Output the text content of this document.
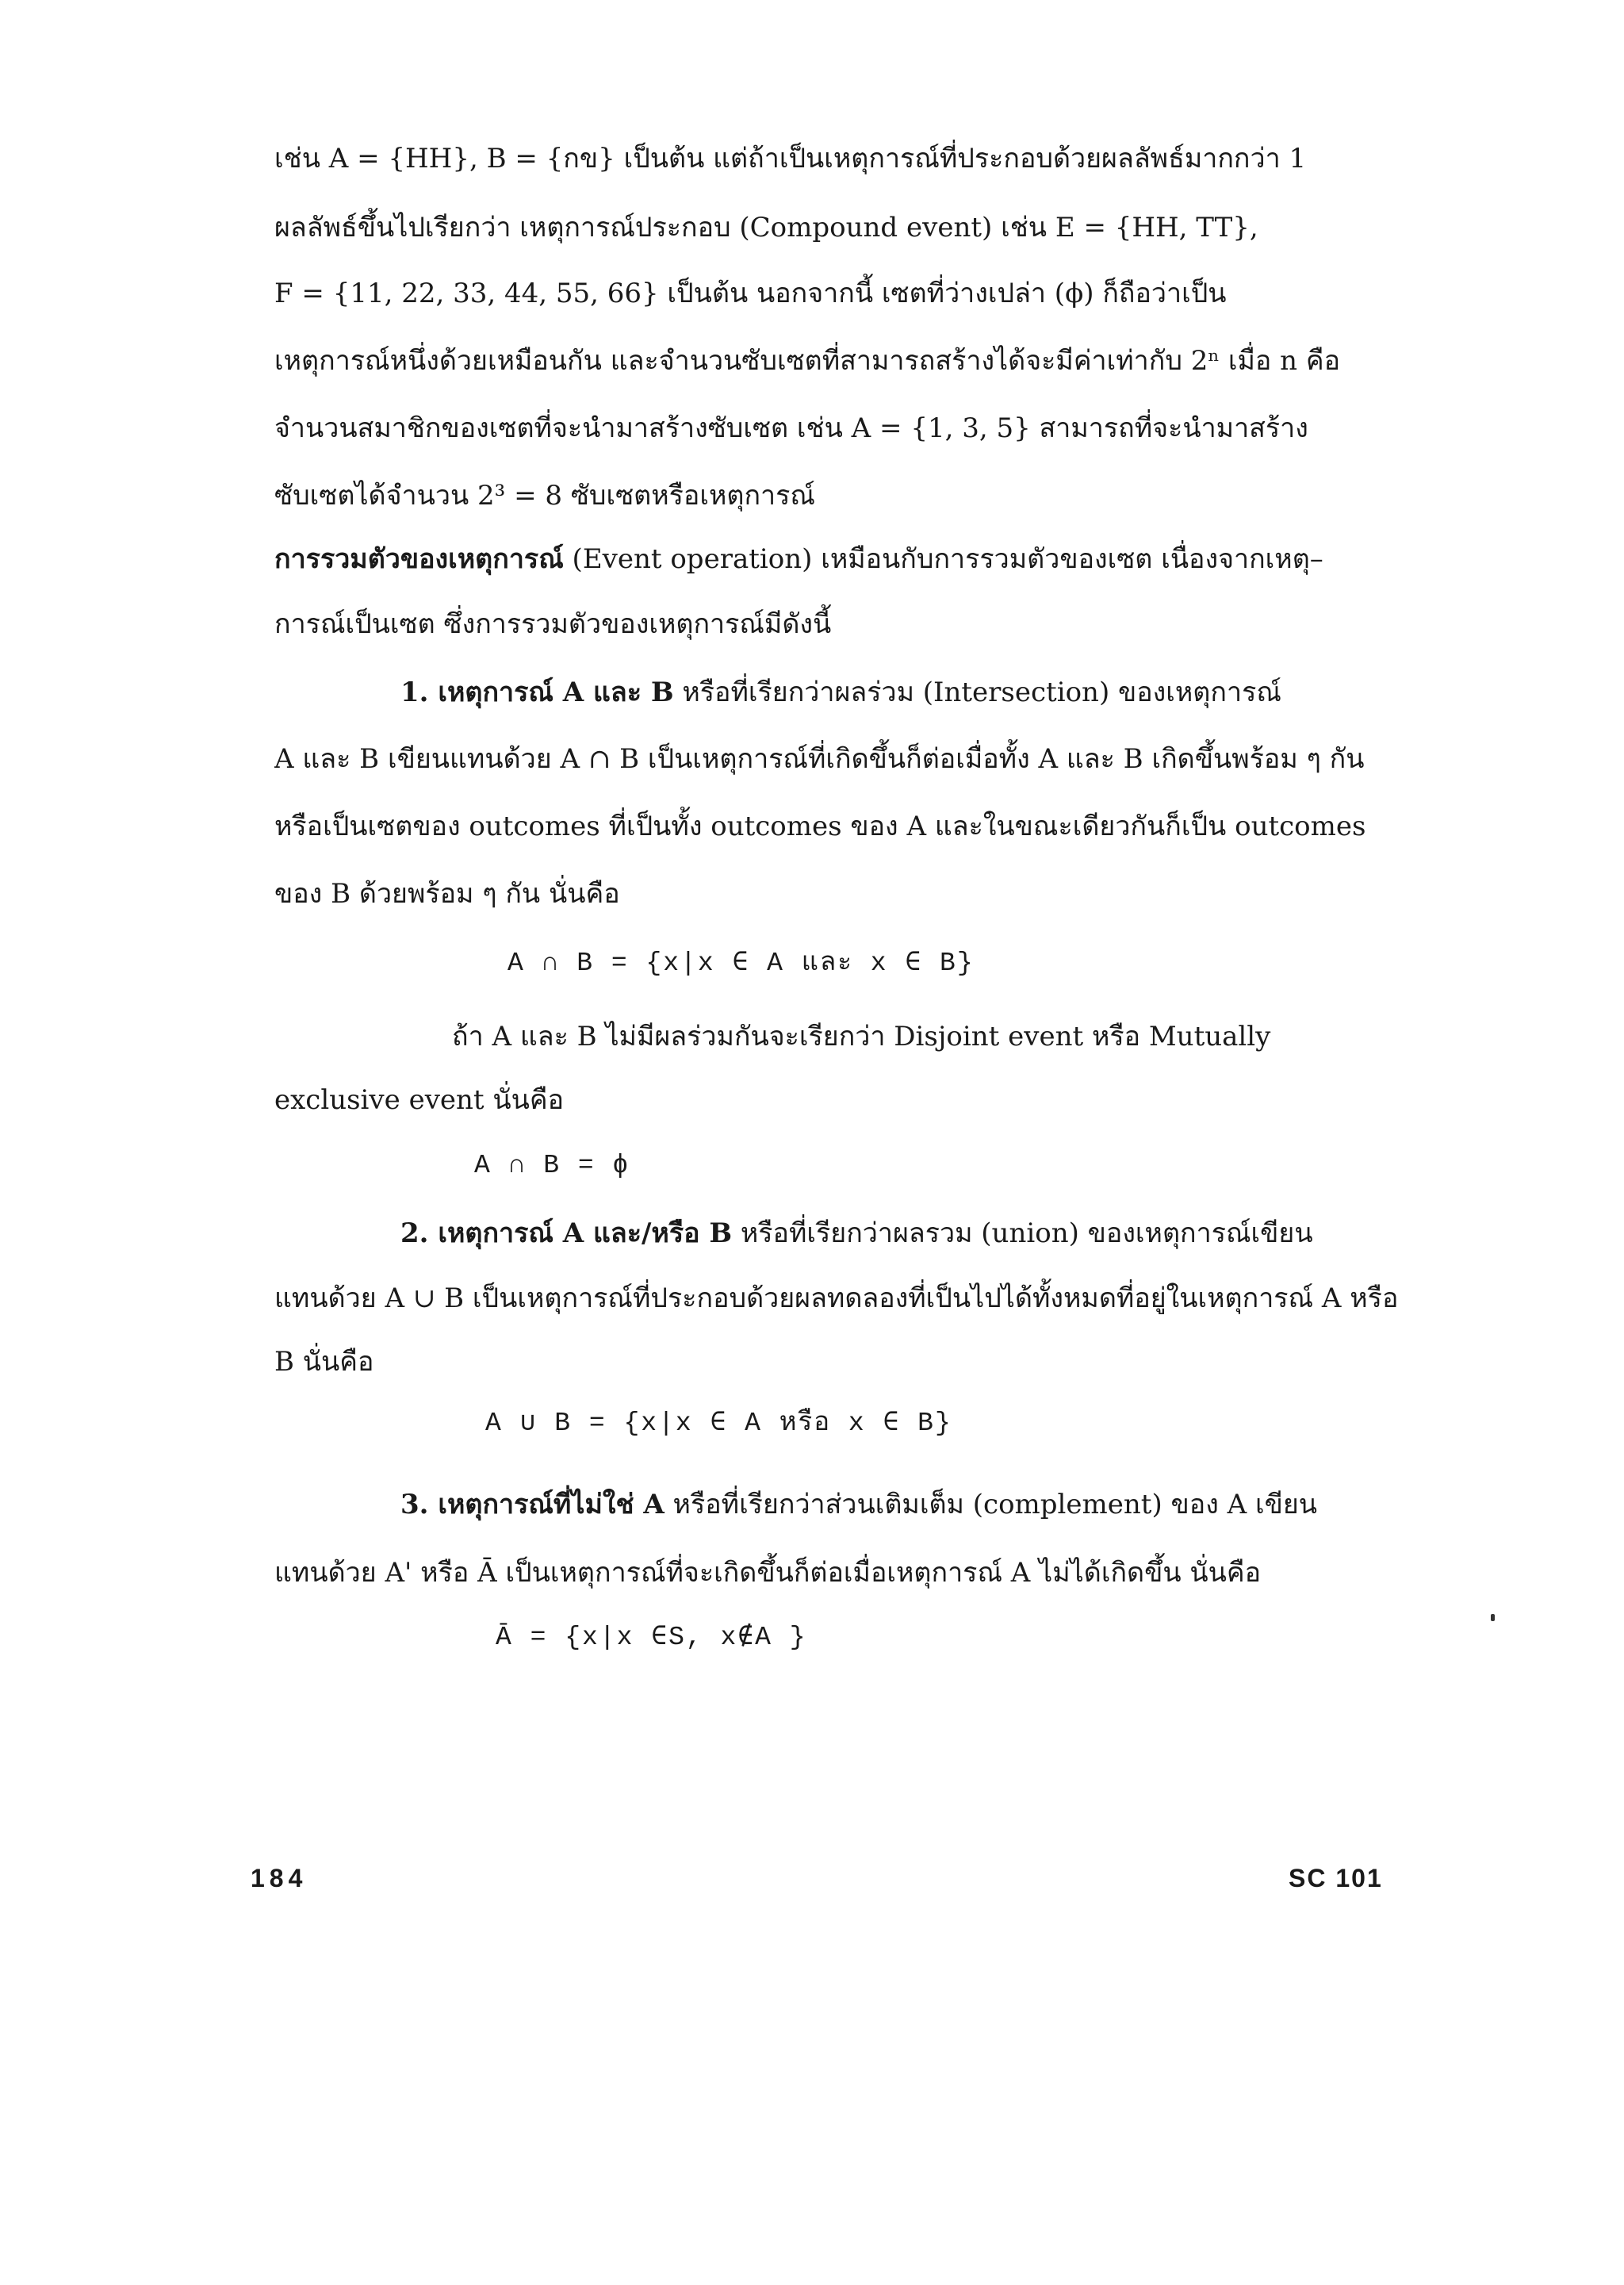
เช่น A = {HH}, B = {กข} เป็นต้น แต่ถ้าเป็นเหตุการณ์ที่ประกอบด้วยผลลัพธ์มากกว่า 1
ผลลัพธ์ขึ้นไปเรียกว่า เหตุการณ์ประกอบ (Compound event) เช่น E = {HH, TT},
F = {11, 22, 33, 44, 55, 66} เป็นต้น นอกจากนี้ เซตที่ว่างเปล่า (ϕ) ก็ถือว่าเป็น
เหตุการณ์หนึ่งด้วยเหมือนกัน และจำนวนซับเซตที่สามารถสร้างได้จะมีค่าเท่ากับ 2ⁿ เมื่อ n คือ
จำนวนสมาชิกของเซตที่จะนำมาสร้างซับเซต เช่น A = {1, 3, 5} สามารถที่จะนำมาสร้าง
ซับเซตได้จำนวน 2³ = 8 ซับเซตหรือเหตุการณ์
การรวมตัวของเหตุการณ์ (Event operation) เหมือนกับการรวมตัวของเซต เนื่องจากเหตุ–
การณ์เป็นเซต ซึ่งการรวมตัวของเหตุการณ์มีดังนี้
1. เหตุการณ์ A และ B หรือที่เรียกว่าผลร่วม (Intersection) ของเหตุการณ์
A และ B เขียนแทนด้วย A ∩ B เป็นเหตุการณ์ที่เกิดขึ้นก็ต่อเมื่อทั้ง A และ B เกิดขึ้นพร้อม ๆ กัน
หรือเป็นเซตของ outcomes ที่เป็นทั้ง outcomes ของ A และในขณะเดียวกันก็เป็น outcomes
ของ B ด้วยพร้อม ๆ กัน นั่นคือ
A ∩ B = {x|x ∈ A และ x ∈ B}
ถ้า A และ B ไม่มีผลร่วมกันจะเรียกว่า Disjoint event หรือ Mutually
exclusive event นั่นคือ
A ∩ B = ϕ
2. เหตุการณ์ A และ/หรือ B หรือที่เรียกว่าผลรวม (union) ของเหตุการณ์เขียน
แทนด้วย A ∪ B เป็นเหตุการณ์ที่ประกอบด้วยผลทดลองที่เป็นไปได้ทั้งหมดที่อยู่ในเหตุการณ์ A หรือ
B นั่นคือ
A ∪ B = {x|x ∈ A หรือ x ∈ B}
3. เหตุการณ์ที่ไม่ใช่ A หรือที่เรียกว่าส่วนเติมเต็ม (complement) ของ A เขียน
แทนด้วย A' หรือ Ā เป็นเหตุการณ์ที่จะเกิดขึ้นก็ต่อเมื่อเหตุการณ์ A ไม่ได้เกิดขึ้น นั่นคือ
Ā = {x|x ∈S, x∉A }
184	SC 101
